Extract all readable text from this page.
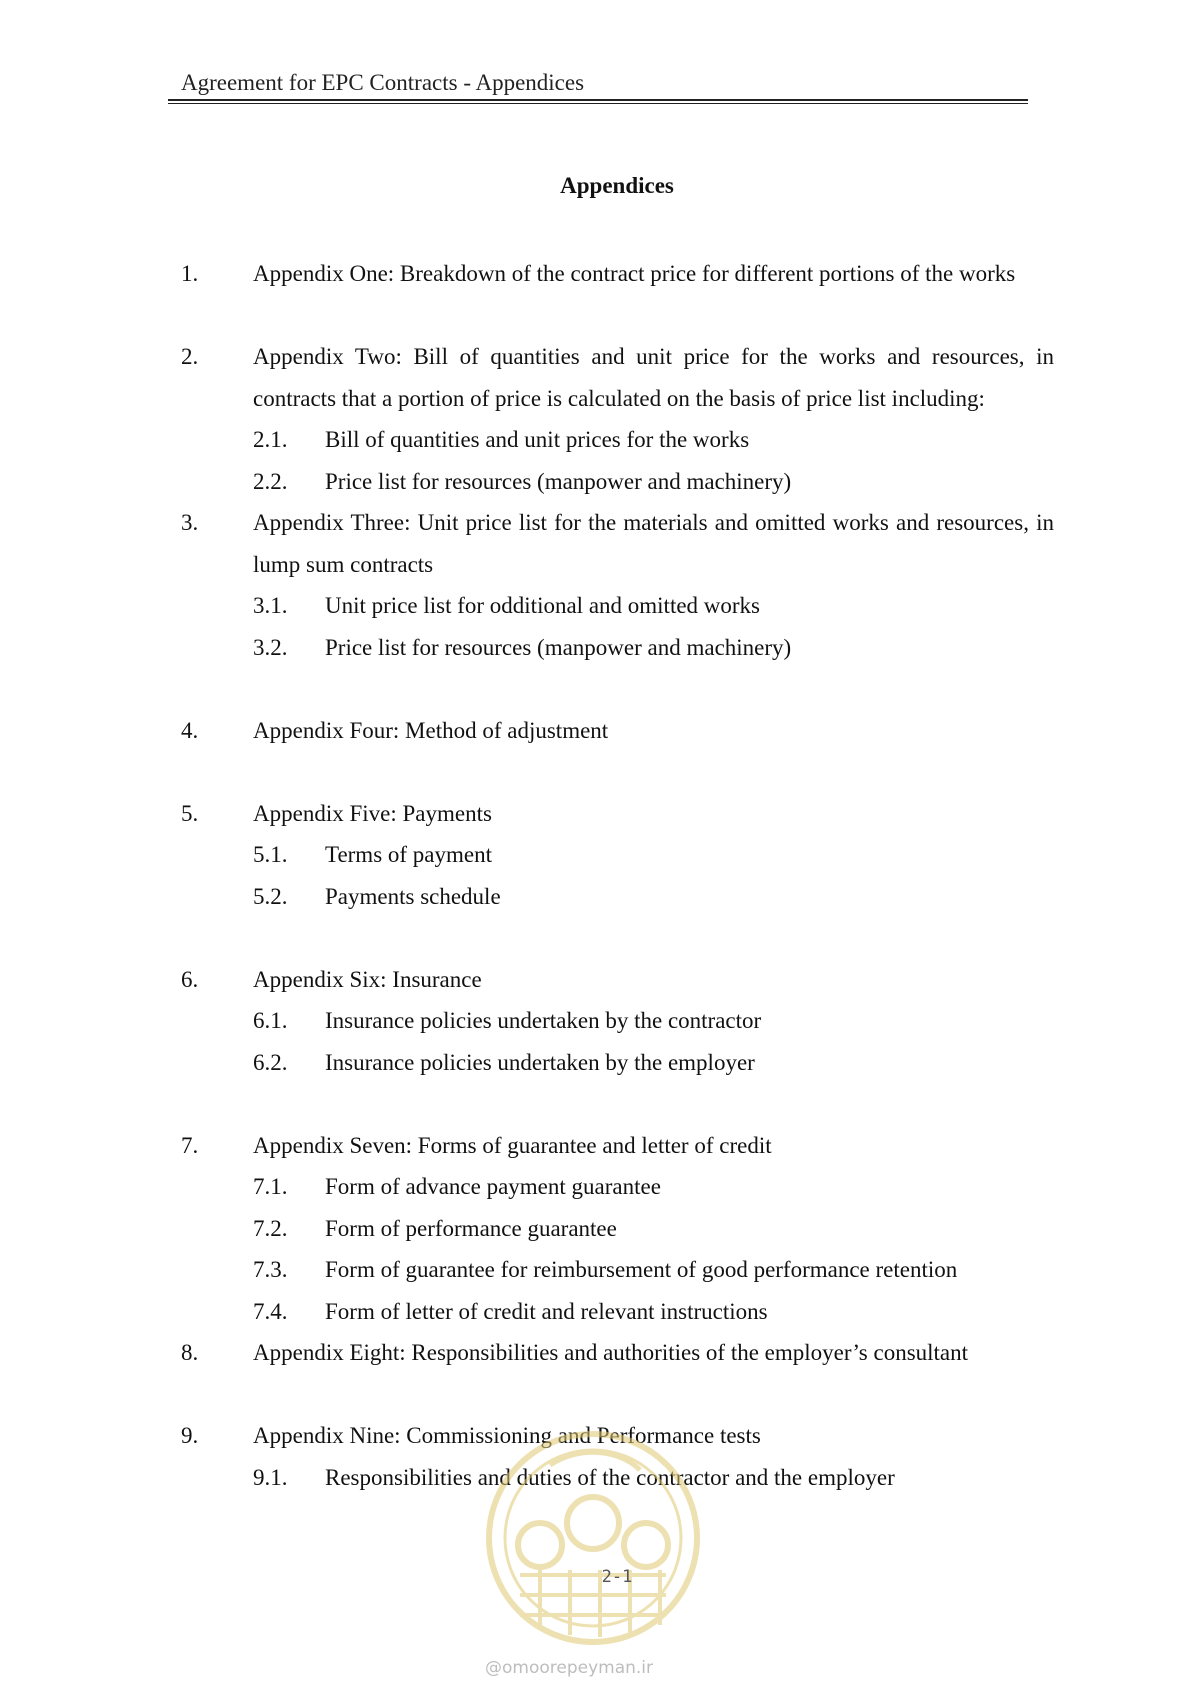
Agreement for EPC Contracts - Appendices
Appendices
1.	Appendix One: Breakdown of the contract price for different portions of the works
2.	Appendix Two: Bill of quantities and unit price for the works and resources, in contracts that a portion of price is calculated on the basis of price list including:
2.1.	Bill of quantities and unit prices for the works
2.2.	Price list for resources (manpower and machinery)
3.	Appendix Three: Unit price list for the materials and omitted works and resources, in lump sum contracts
3.1.	Unit price list for odditional and omitted works
3.2.	Price list for resources (manpower and machinery)
4.	Appendix Four: Method of adjustment
5.	Appendix Five: Payments
5.1.	Terms of payment
5.2.	Payments schedule
6.	Appendix Six: Insurance
6.1.	Insurance policies undertaken by the contractor
6.2.	Insurance policies undertaken by the employer
7.	Appendix Seven: Forms of guarantee and letter of credit
7.1.	Form of advance payment guarantee
7.2.	Form of performance guarantee
7.3.	Form of guarantee for reimbursement of good performance retention
7.4.	Form of letter of credit and relevant instructions
8.	Appendix Eight: Responsibilities and authorities of the employer’s consultant
9.	Appendix Nine: Commissioning and Performance tests
9.1.	Responsibilities and duties of the contractor and the employer
2-1
@omoorepeyman.ir
